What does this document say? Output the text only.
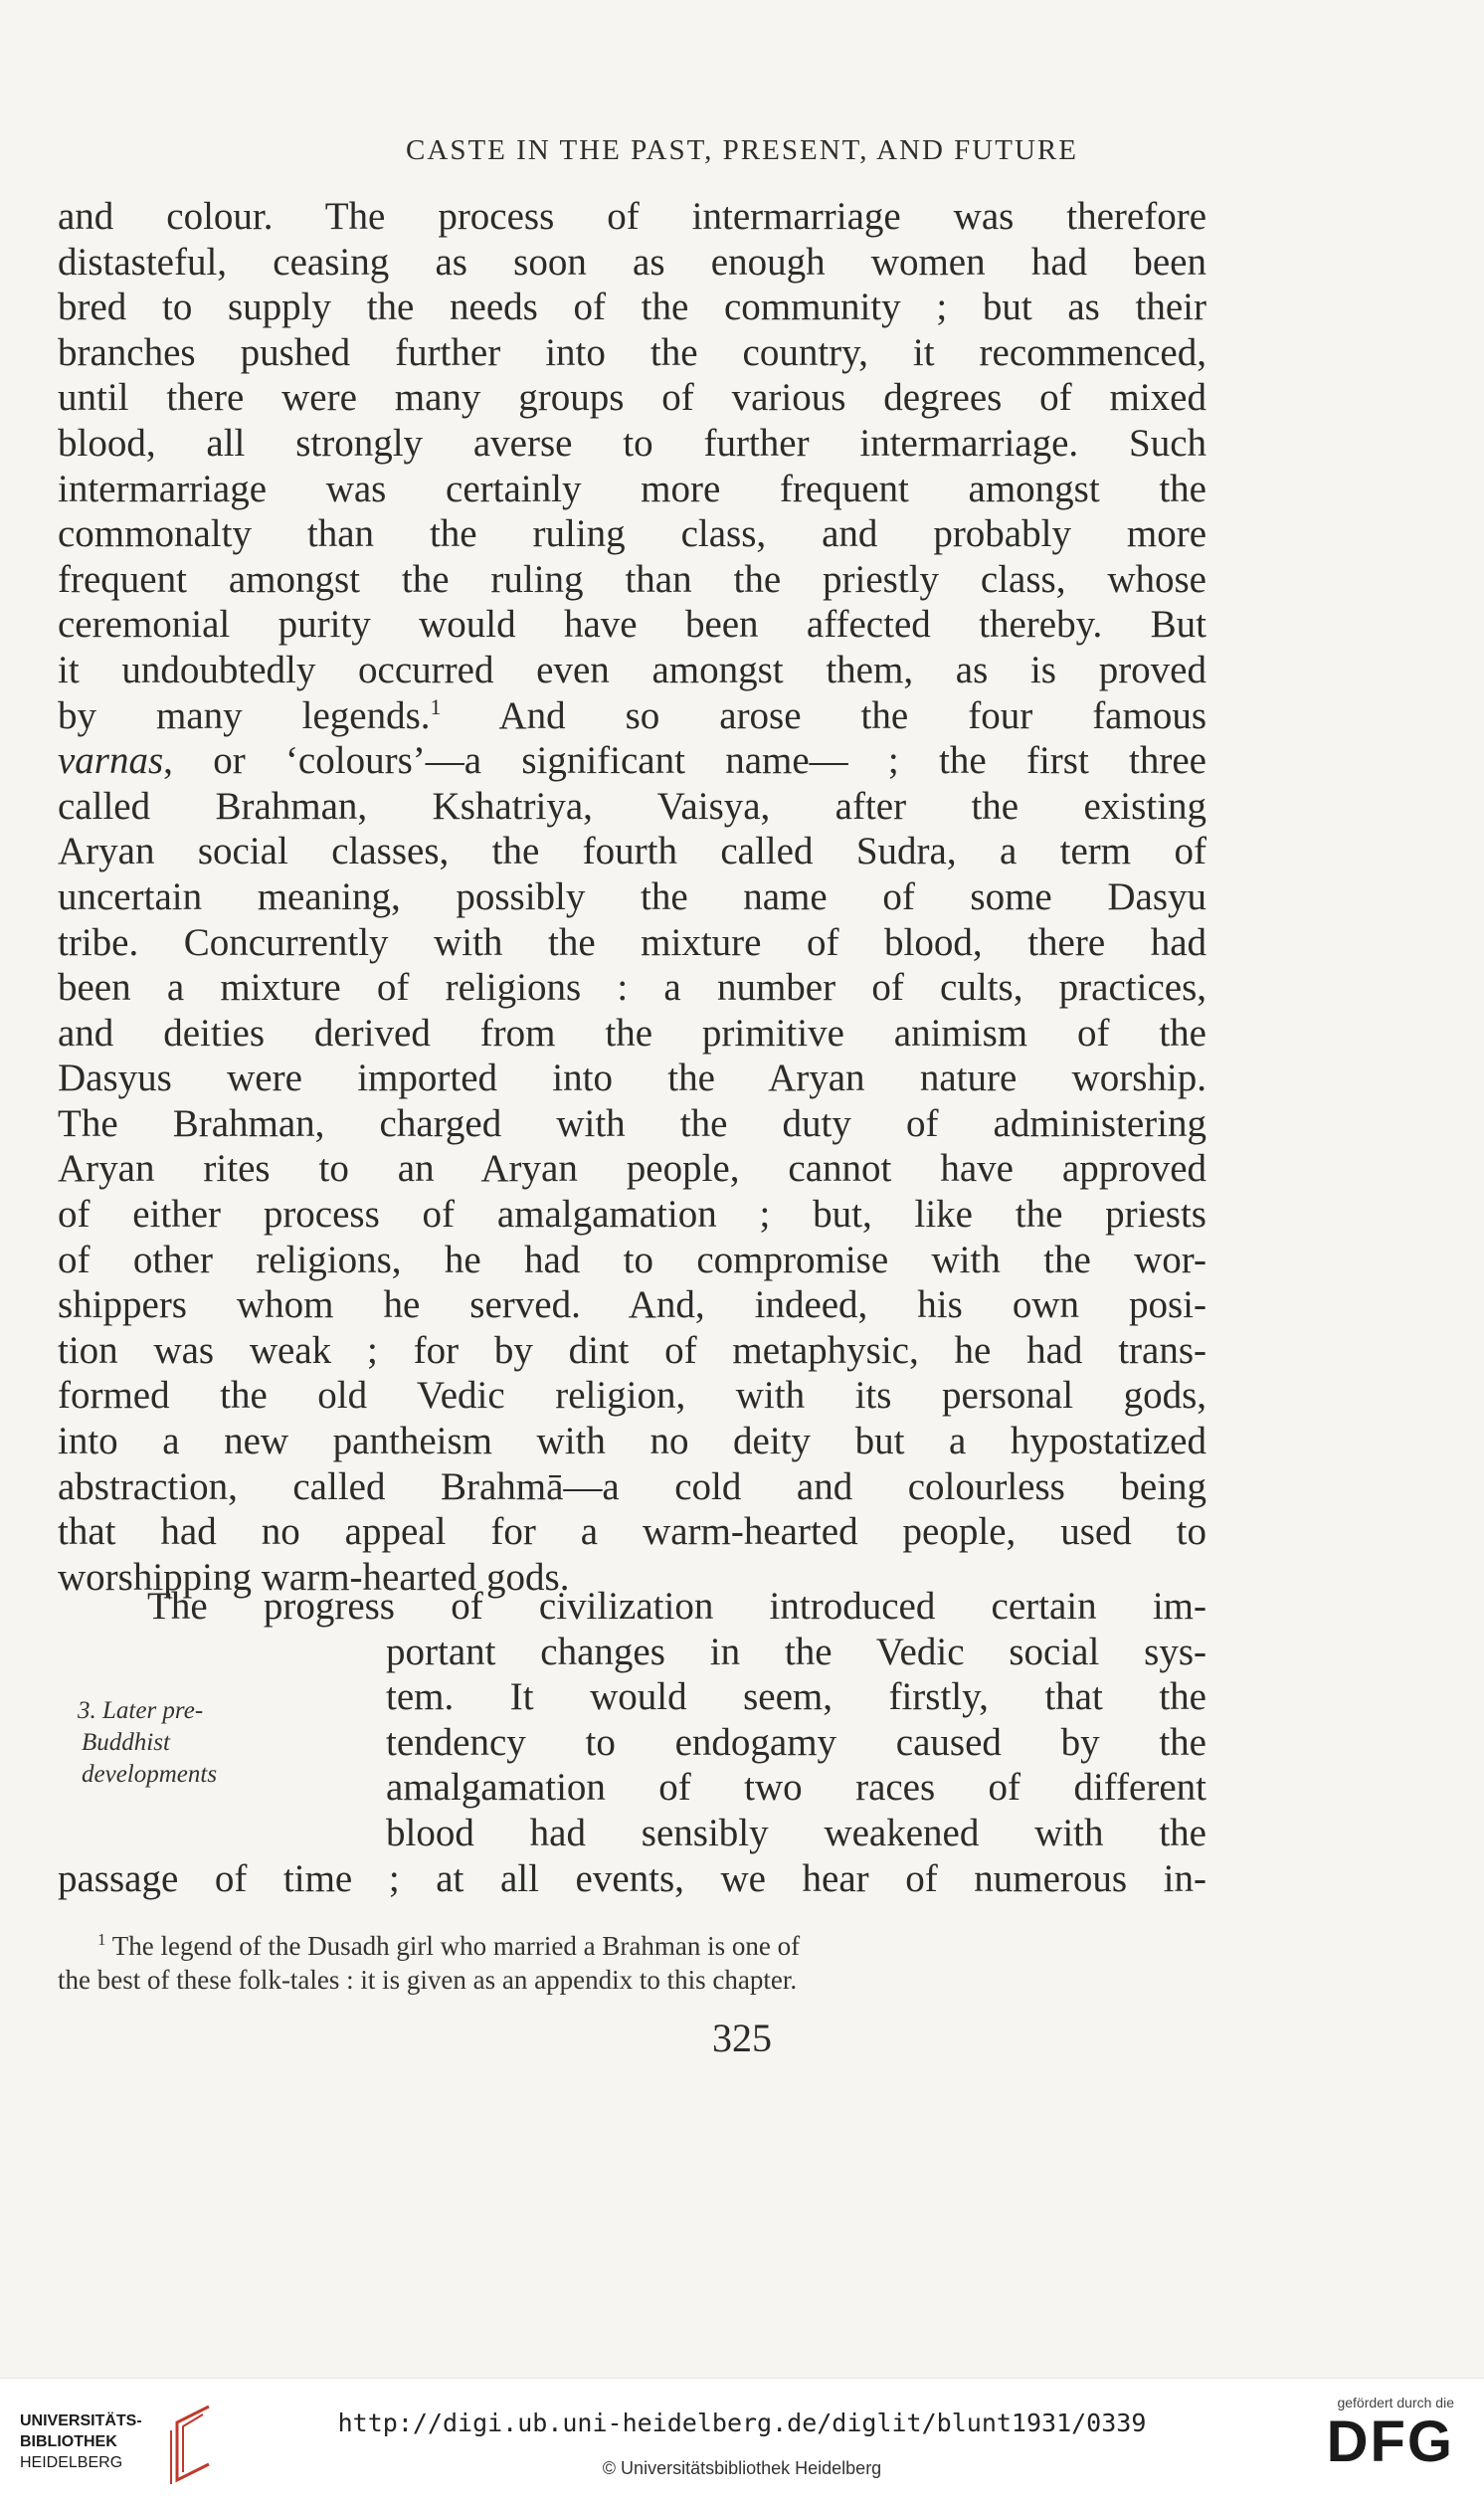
CASTE IN THE PAST, PRESENT, AND FUTURE
and colour. The process of intermarriage was therefore
distasteful, ceasing as soon as enough women had been
bred to supply the needs of the community ; but as their
branches pushed further into the country, it recommenced,
until there were many groups of various degrees of mixed
blood, all strongly averse to further intermarriage. Such
intermarriage was certainly more frequent amongst the
commonalty than the ruling class, and probably more
frequent amongst the ruling than the priestly class, whose
ceremonial purity would have been affected thereby. But
it undoubtedly occurred even amongst them, as is proved
by many legends.$^1$ And so arose the four famous
varnas, or ‘colours’—a significant name— ; the first three
called Brahman, Kshatriya, Vaisya, after the existing
Aryan social classes, the fourth called Sudra, a term of
uncertain meaning, possibly the name of some Dasyu
tribe. Concurrently with the mixture of blood, there had
been a mixture of religions : a number of cults, practices,
and deities derived from the primitive animism of the
Dasyus were imported into the Aryan nature worship.
The Brahman, charged with the duty of administering
Aryan rites to an Aryan people, cannot have approved
of either process of amalgamation ; but, like the priests
of other religions, he had to compromise with the wor-
shippers whom he served. And, indeed, his own posi-
tion was weak ; for by dint of metaphysic, he had trans-
formed the old Vedic religion, with its personal gods,
into a new pantheism with no deity but a hypostatized
abstraction, called Brahmā—a cold and colourless being
that had no appeal for a warm-hearted people, used to
worshipping warm-hearted gods.
The progress of civilization introduced certain im-
portant changes in the Vedic social sys-
tem. It would seem, firstly, that the
tendency to endogamy caused by the
amalgamation of two races of different
blood had sensibly weakened with the
passage of time ; at all events, we hear of numerous in-
3. Later pre-
Buddhist
developments
$^1$ The legend of the Dusadh girl who married a Brahman is one of
the best of these folk-tales : it is given as an appendix to this chapter.
325
UNIVERSITÄTS-
BIBLIOTHEK
HEIDELBERG
http://digi.ub.uni-heidelberg.de/diglit/blunt1931/0339
© Universitätsbibliothek Heidelberg
gefördert durch die
DFG
